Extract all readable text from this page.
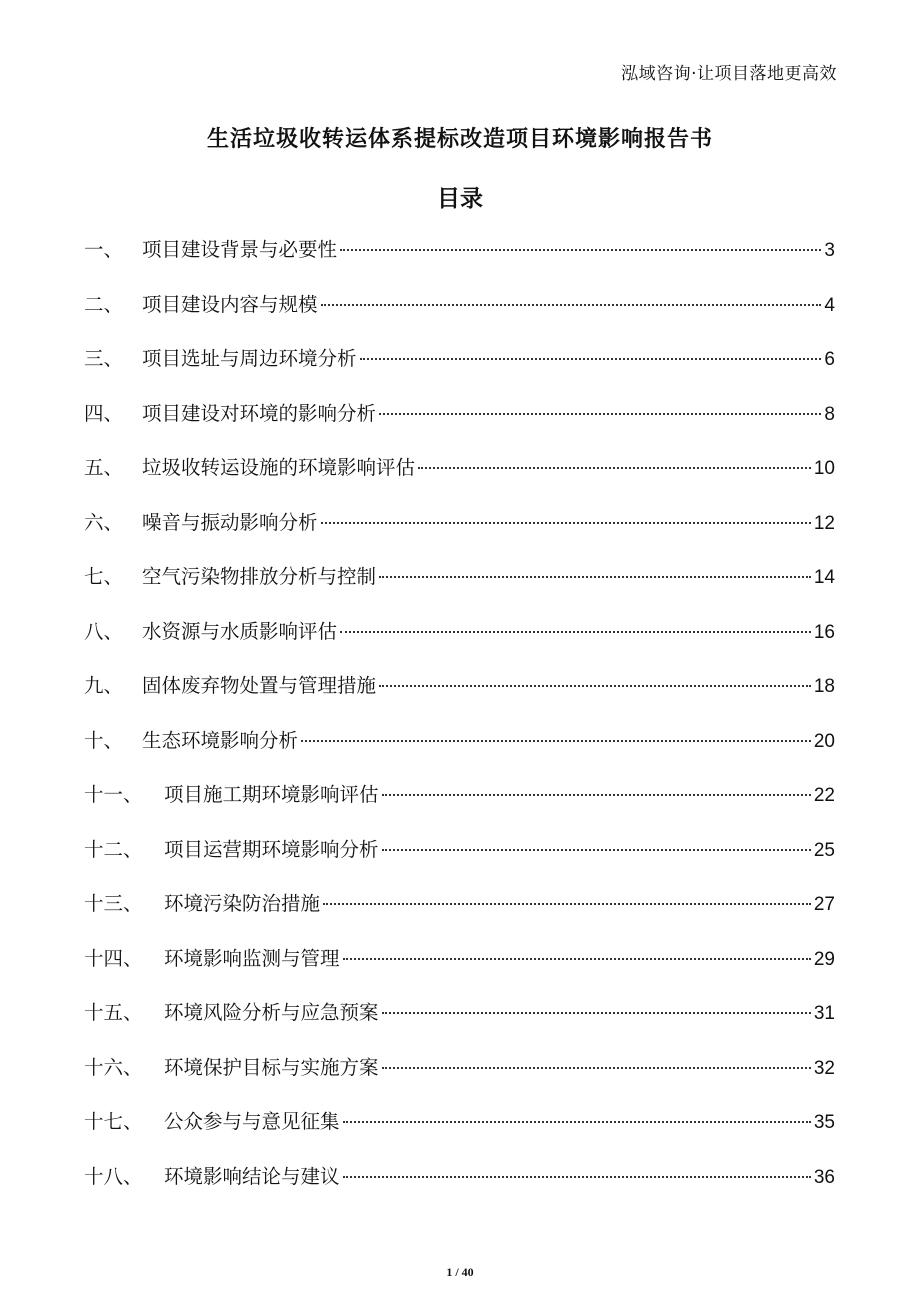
泓域咨询·让项目落地更高效
生活垃圾收转运体系提标改造项目环境影响报告书
目录
一、 项目建设背景与必要性	3
二、 项目建设内容与规模	4
三、 项目选址与周边环境分析	6
四、 项目建设对环境的影响分析	8
五、 垃圾收转运设施的环境影响评估	10
六、 噪音与振动影响分析	12
七、 空气污染物排放分析与控制	14
八、 水资源与水质影响评估	16
九、 固体废弃物处置与管理措施	18
十、 生态环境影响分析	20
十一、	项目施工期环境影响评估	22
十二、	项目运营期环境影响分析	25
十三、	环境污染防治措施	27
十四、	环境影响监测与管理	29
十五、	环境风险分析与应急预案	31
十六、	环境保护目标与实施方案	32
十七、	公众参与与意见征集	35
十八、	环境影响结论与建议	36
1 / 40
